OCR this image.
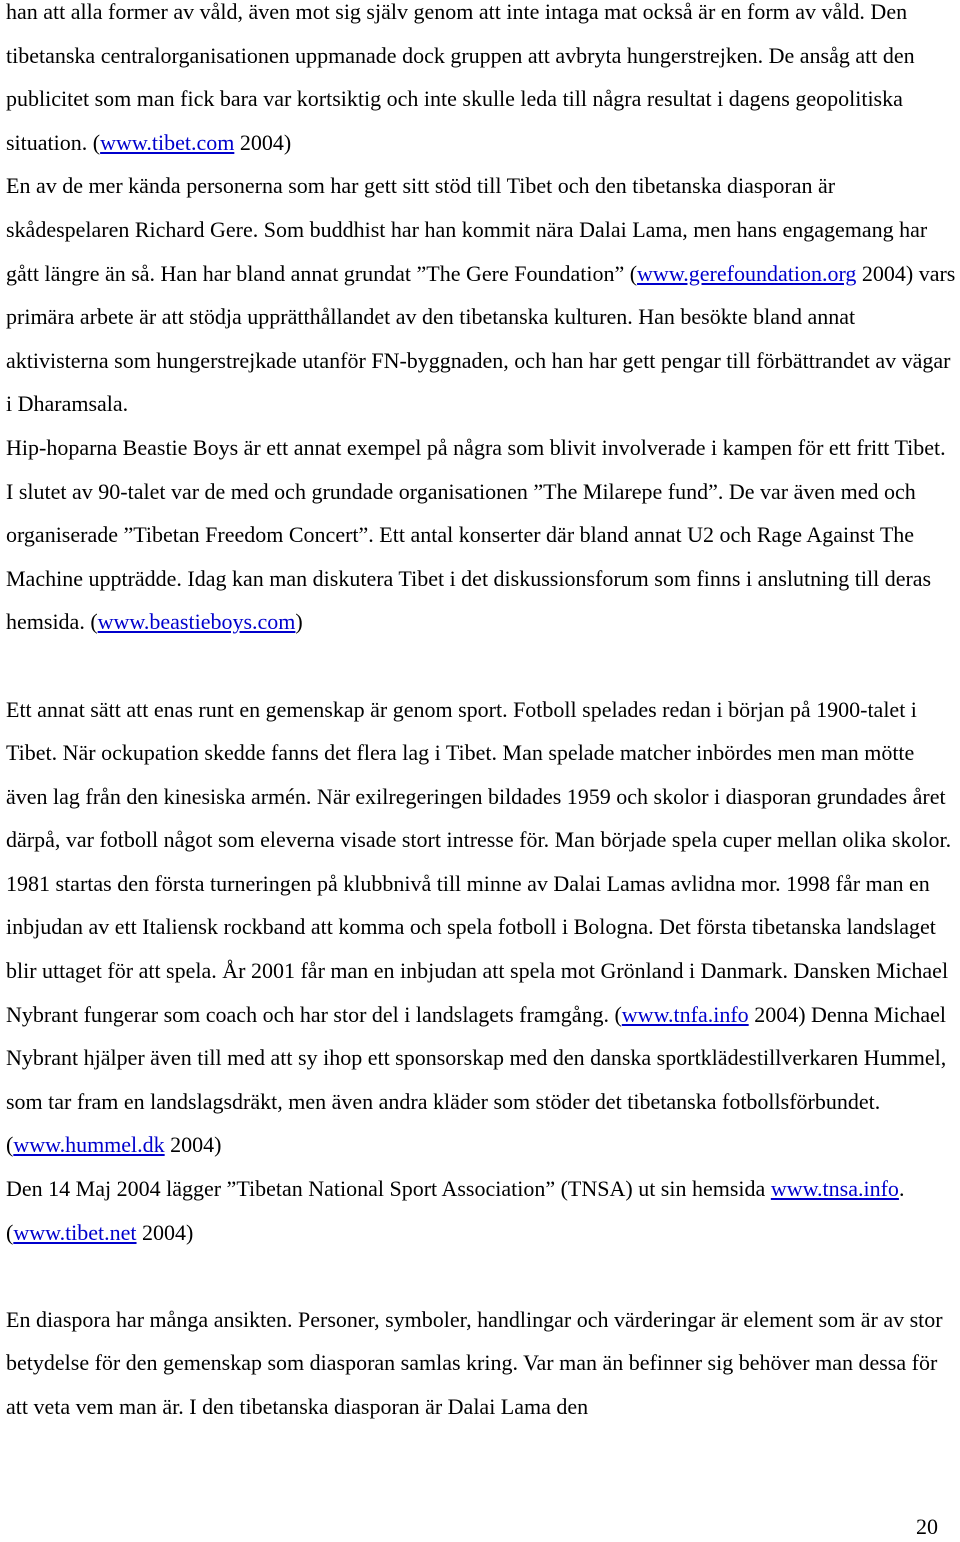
han att alla former av våld, även mot sig själv genom att inte intaga mat också är en form av våld. Den tibetanska centralorganisationen uppmanade dock gruppen att avbryta hungerstrejken. De ansåg att den publicitet som man fick bara var kortsiktig och inte skulle leda till några resultat i dagens geopolitiska situation. (www.tibet.com 2004)

En av de mer kända personerna som har gett sitt stöd till Tibet och den tibetanska diasporan är skådespelaren Richard Gere. Som buddhist har han kommit nära Dalai Lama, men hans engagemang har gått längre än så. Han har bland annat grundat ”The Gere Foundation” (www.gerefoundation.org 2004) vars primära arbete är att stödja upprätthållandet av den tibetanska kulturen. Han besökte bland annat aktivisterna som hungerstrejkade utanför FN-byggnaden, och han har gett pengar till förbättrandet av vägar i Dharamsala.

Hip-hoparna Beastie Boys är ett annat exempel på några som blivit involverade i kampen för ett fritt Tibet. I slutet av 90-talet var de med och grundade organisationen ”The Milarepe fund”. De var även med och organiserade ”Tibetan Freedom Concert”. Ett antal konserter där bland annat U2 och Rage Against The Machine uppträdde. Idag kan man diskutera Tibet i det diskussionsforum som finns i anslutning till deras hemsida. (www.beastieboys.com)

Ett annat sätt att enas runt en gemenskap är genom sport. Fotboll spelades redan i början på 1900-talet i Tibet. När ockupation skedde fanns det flera lag i Tibet. Man spelade matcher inbördes men man mötte även lag från den kinesiska armén. När exilregeringen bildades 1959 och skolor i diasporan grundades året därpå, var fotboll något som eleverna visade stort intresse för. Man började spela cuper mellan olika skolor. 1981 startas den första turneringen på klubbnivå till minne av Dalai Lamas avlidna mor. 1998 får man en inbjudan av ett Italiensk rockband att komma och spela fotboll i Bologna. Det första tibetanska landslaget blir uttaget för att spela. År 2001 får man en inbjudan att spela mot Grönland i Danmark. Dansken Michael Nybrant fungerar som coach och har stor del i landslagets framgång. (www.tnfa.info 2004) Denna Michael Nybrant hjälper även till med att sy ihop ett sponsorskap med den danska sportklädestillverkaren Hummel, som tar fram en landslagsdräkt, men även andra kläder som stöder det tibetanska fotbollsförbundet. (www.hummel.dk 2004)

Den 14 Maj 2004 lägger ”Tibetan National Sport Association” (TNSA) ut sin hemsida www.tnsa.info. (www.tibet.net 2004)

En diaspora har många ansikten. Personer, symboler, handlingar och värderingar är element som är av stor betydelse för den gemenskap som diasporan samlas kring. Var man än befinner sig behöver man dessa för att veta vem man är. I den tibetanska diasporan är Dalai Lama den

20
